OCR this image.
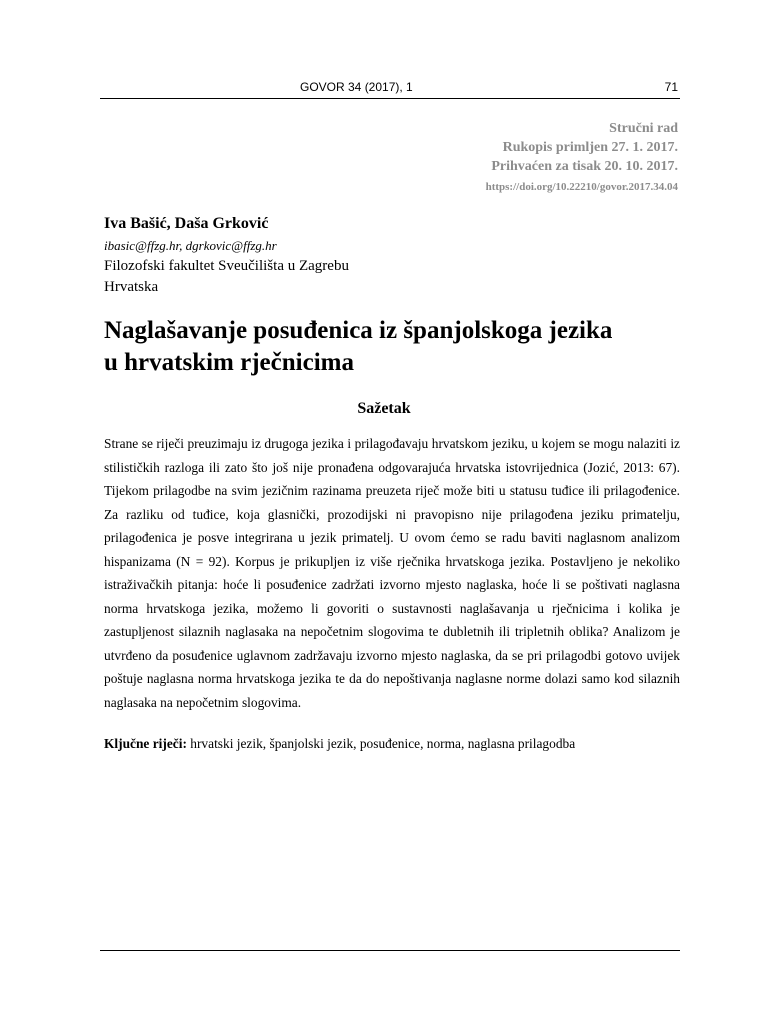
GOVOR 34 (2017), 1	71
Stručni rad
Rukopis primljen 27. 1. 2017.
Prihvaćen za tisak 20. 10. 2017.
https://doi.org/10.22210/govor.2017.34.04
Iva Bašić, Daša Grković
ibasic@ffzg.hr, dgrkovic@ffzg.hr
Filozofski fakultet Sveučilišta u Zagrebu
Hrvatska
Naglašavanje posuđenica iz španjolskoga jezika
u hrvatskim rječnicima
Sažetak

Strane se riječi preuzimaju iz drugoga jezika i prilagođavaju hrvatskom jeziku, u kojem se mogu nalaziti iz stilističkih razloga ili zato što još nije pronađena odgovarajuća hrvatska istovrijednica (Jozić, 2013: 67). Tijekom prilagodbe na svim jezičnim razinama preuzeta riječ može biti u statusu tuđice ili prilagođenice. Za razliku od tuđice, koja glasnički, prozodijski ni pravopisno nije prilagođena jeziku primatelju, prilagođenica je posve integrirana u jezik primatelj. U ovom ćemo se radu baviti naglasnom analizom hispanizama (N = 92). Korpus je prikupljen iz više rječnika hrvatskoga jezika. Postavljeno je nekoliko istraživačkih pitanja: hoće li posuđenice zadržati izvorno mjesto naglaska, hoće li se poštivati naglasna norma hrvatskoga jezika, možemo li govoriti o sustavnosti naglašavanja u rječnicima i kolika je zastupljenost silaznih naglasaka na nepočetnim slogovima te dubletnih ili tripletnih oblika? Analizom je utvrđeno da posuđenice uglavnom zadržavaju izvorno mjesto naglaska, da se pri prilagodbi gotovo uvijek poštuje naglasna norma hrvatskoga jezika te da do nepoštivanja naglasne norme dolazi samo kod silaznih naglasaka na nepočetnim slogovima.

Ključne riječi: hrvatski jezik, španjolski jezik, posuđenice, norma, naglasna prilagodba
